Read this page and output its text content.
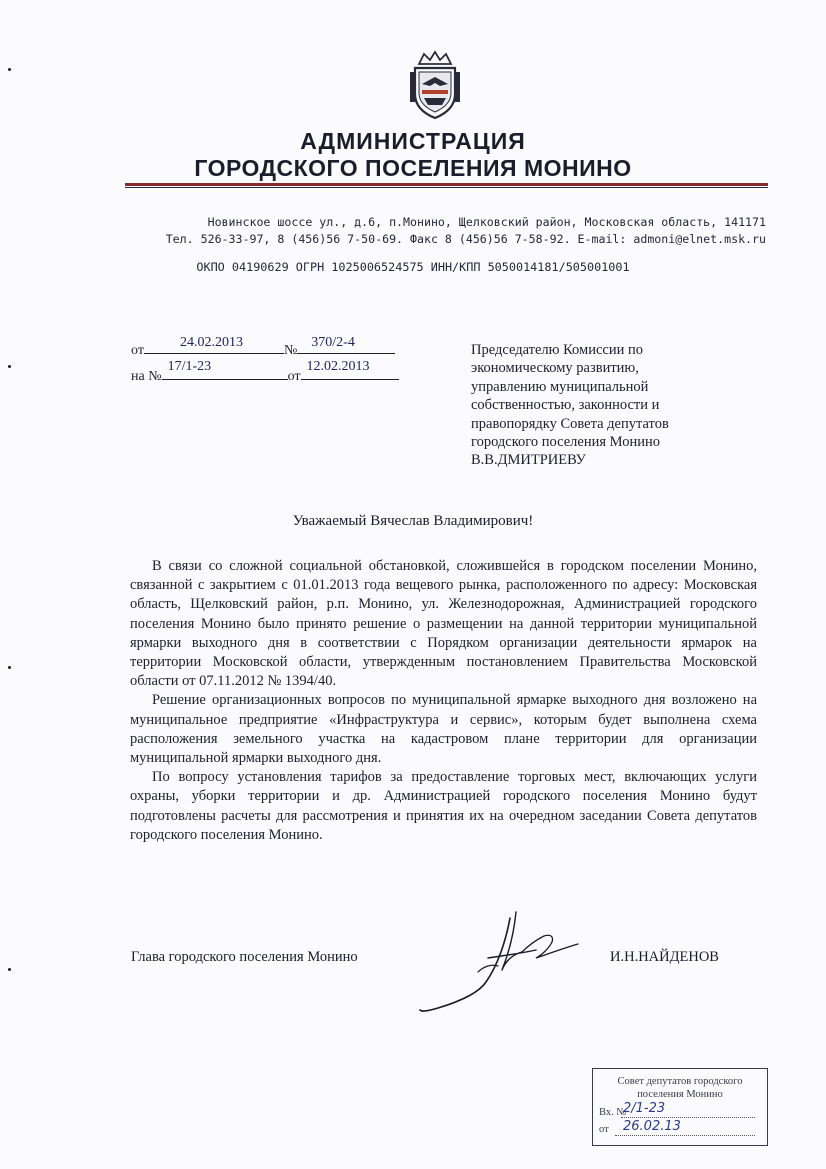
АДМИНИСТРАЦИЯ
ГОРОДСКОГО ПОСЕЛЕНИЯ МОНИНО
Новинское шоссе ул., д.6, п.Монино, Щелковский район, Московская область, 141171
Тел. 526-33-97, 8 (456)56 7-50-69. Факс 8 (456)56 7-58-92. E-mail: admoni@elnet.msk.ru
ОКПО 04190629 ОГРН 1025006524575 ИНН/КПП 5050014181/505001001
от
24.02.2013
№
370/2-4
на №
17/1-23
от
12.02.2013
Председателю Комиссии по
экономическому развитию,
управлению муниципальной
собственностью, законности и
правопорядку Совета депутатов
городского поселения Монино
В.В.ДМИТРИЕВУ
Уважаемый Вячеслав Владимирович!

В связи со сложной социальной обстановкой, сложившейся в городском поселении Монино, связанной с закрытием с 01.01.2013 года вещевого рынка, расположенного по адресу: Московская область, Щелковский район, р.п. Монино, ул. Железнодорожная, Администрацией городского поселения Монино было принято решение о размещении на данной территории муниципальной ярмарки выходного дня в соответствии с Порядком организации деятельности ярмарок на территории Московской области, утвержденным постановлением Правительства Московской области от 07.11.2012 № 1394/40.

Решение организационных вопросов по муниципальной ярмарке выходного дня возложено на муниципальное предприятие «Инфраструктура и сервис», которым будет выполнена схема расположения земельного участка на кадастровом плане территории для организации муниципальной ярмарки выходного дня.

По вопросу установления тарифов за предоставление торговых мест, включающих услуги охраны, уборки территории и др. Администрацией городского поселения Монино будут подготовлены расчеты для рассмотрения и принятия их на очередном заседании Совета депутатов городского поселения Монино.

Глава городского поселения Монино	И.Н.НАЙДЕНОВ
Совет депутатов городского
поселения Монино
Вх. №
2/1-23
от 26.02.13
